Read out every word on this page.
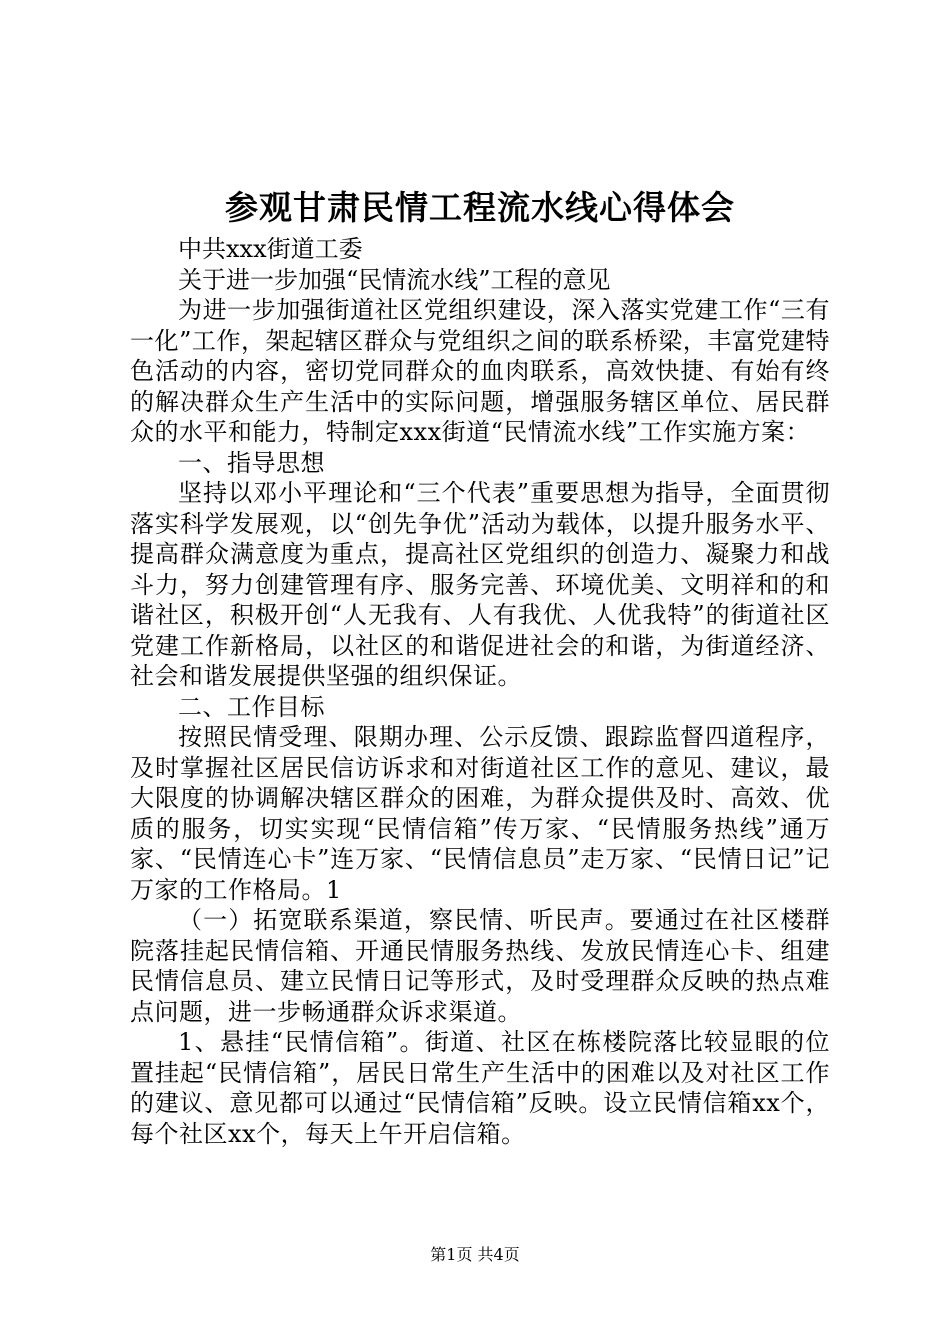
参观甘肃民情工程流水线心得体会

中共xxx街道工委

关于进一步加强“民情流水线”工程的意见

为进一步加强街道社区党组织建设，深入落实党建工作“三有一化”工作，架起辖区群众与党组织之间的联系桥梁，丰富党建特色活动的内容，密切党同群众的血肉联系，高效快捷、有始有终的解决群众生产生活中的实际问题，增强服务辖区单位、居民群众的水平和能力，特制定xxx街道“民情流水线”工作实施方案：

一、指导思想

坚持以邓小平理论和“三个代表”重要思想为指导，全面贯彻落实科学发展观，以“创先争优”活动为载体，以提升服务水平、提高群众满意度为重点，提高社区党组织的创造力、凝聚力和战斗力，努力创建管理有序、服务完善、环境优美、文明祥和的和谐社区，积极开创“人无我有、人有我优、人优我特”的街道社区党建工作新格局，以社区的和谐促进社会的和谐，为街道经济、社会和谐发展提供坚强的组织保证。

二、工作目标

按照民情受理、限期办理、公示反馈、跟踪监督四道程序，及时掌握社区居民信访诉求和对街道社区工作的意见、建议，最大限度的协调解决辖区群众的困难，为群众提供及时、高效、优质的服务，切实实现“民情信箱”传万家、“民情服务热线”通万家、“民情连心卡”连万家、“民情信息员”走万家、“民情日记”记万家的工作格局。1

（一）拓宽联系渠道，察民情、听民声。要通过在社区楼群院落挂起民情信箱、开通民情服务热线、发放民情连心卡、组建民情信息员、建立民情日记等形式，及时受理群众反映的热点难点问题，进一步畅通群众诉求渠道。

1、悬挂“民情信箱”。街道、社区在栋楼院落比较显眼的位置挂起“民情信箱”，居民日常生产生活中的困难以及对社区工作的建议、意见都可以通过“民情信箱”反映。设立民情信箱xx个，每个社区xx个，每天上午开启信箱。

第1页 共4页
